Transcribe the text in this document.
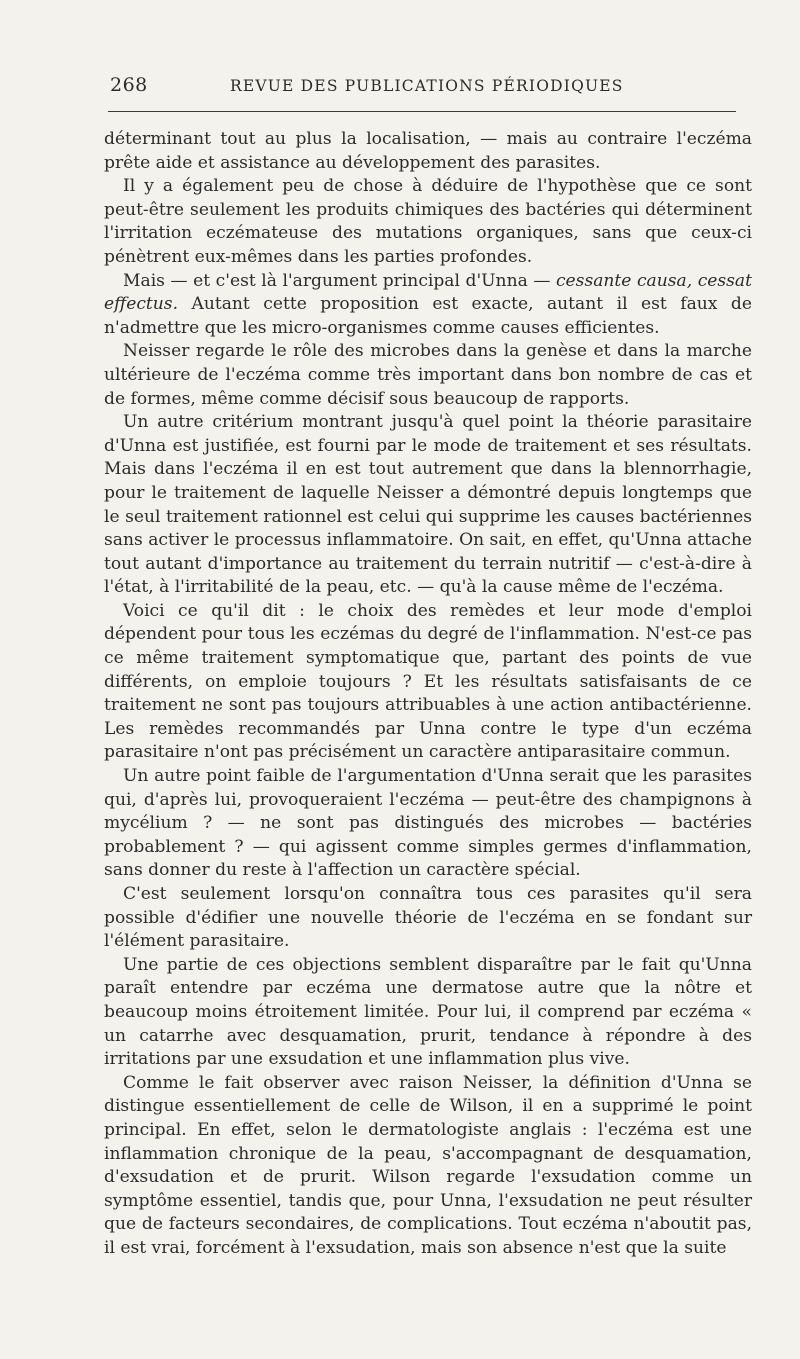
268	REVUE DES PUBLICATIONS PÉRIODIQUES

déterminant tout au plus la localisation, — mais au contraire l'eczéma prête aide et assistance au développement des parasites.

Il y a également peu de chose à déduire de l'hypothèse que ce sont peut-être seulement les produits chimiques des bactéries qui déterminent l'irritation eczémateuse des mutations organiques, sans que ceux-ci pénètrent eux-mêmes dans les parties profondes.

Mais — et c'est là l'argument principal d'Unna — cessante causa, cessat effectus. Autant cette proposition est exacte, autant il est faux de n'admettre que les micro-organismes comme causes efficientes.

Neisser regarde le rôle des microbes dans la genèse et dans la marche ultérieure de l'eczéma comme très important dans bon nombre de cas et de formes, même comme décisif sous beaucoup de rapports.

Un autre critérium montrant jusqu'à quel point la théorie parasitaire d'Unna est justifiée, est fourni par le mode de traitement et ses résultats. Mais dans l'eczéma il en est tout autrement que dans la blennorrhagie, pour le traitement de laquelle Neisser a démontré depuis longtemps que le seul traitement rationnel est celui qui supprime les causes bactériennes sans activer le processus inflammatoire. On sait, en effet, qu'Unna attache tout autant d'importance au traitement du terrain nutritif — c'est-à-dire à l'état, à l'irritabilité de la peau, etc. — qu'à la cause même de l'eczéma.

Voici ce qu'il dit : le choix des remèdes et leur mode d'emploi dépendent pour tous les eczémas du degré de l'inflammation. N'est-ce pas ce même traitement symptomatique que, partant des points de vue différents, on emploie toujours ? Et les résultats satisfaisants de ce traitement ne sont pas toujours attribuables à une action antibactérienne. Les remèdes recommandés par Unna contre le type d'un eczéma parasitaire n'ont pas précisément un caractère antiparasitaire commun.

Un autre point faible de l'argumentation d'Unna serait que les parasites qui, d'après lui, provoqueraient l'eczéma — peut-être des champignons à mycélium ? — ne sont pas distingués des microbes — bactéries probablement ? — qui agissent comme simples germes d'inflammation, sans donner du reste à l'affection un caractère spécial.

C'est seulement lorsqu'on connaîtra tous ces parasites qu'il sera possible d'édifier une nouvelle théorie de l'eczéma en se fondant sur l'élément parasitaire.

Une partie de ces objections semblent disparaître par le fait qu'Unna paraît entendre par eczéma une dermatose autre que la nôtre et beaucoup moins étroitement limitée. Pour lui, il comprend par eczéma « un catarrhe avec desquamation, prurit, tendance à répondre à des irritations par une exsudation et une inflammation plus vive.

Comme le fait observer avec raison Neisser, la définition d'Unna se distingue essentiellement de celle de Wilson, il en a supprimé le point principal. En effet, selon le dermatologiste anglais : l'eczéma est une inflammation chronique de la peau, s'accompagnant de desquamation, d'exsudation et de prurit. Wilson regarde l'exsudation comme un symptôme essentiel, tandis que, pour Unna, l'exsudation ne peut résulter que de facteurs secondaires, de complications. Tout eczéma n'aboutit pas, il est vrai, forcément à l'exsudation, mais son absence n'est que la suite
